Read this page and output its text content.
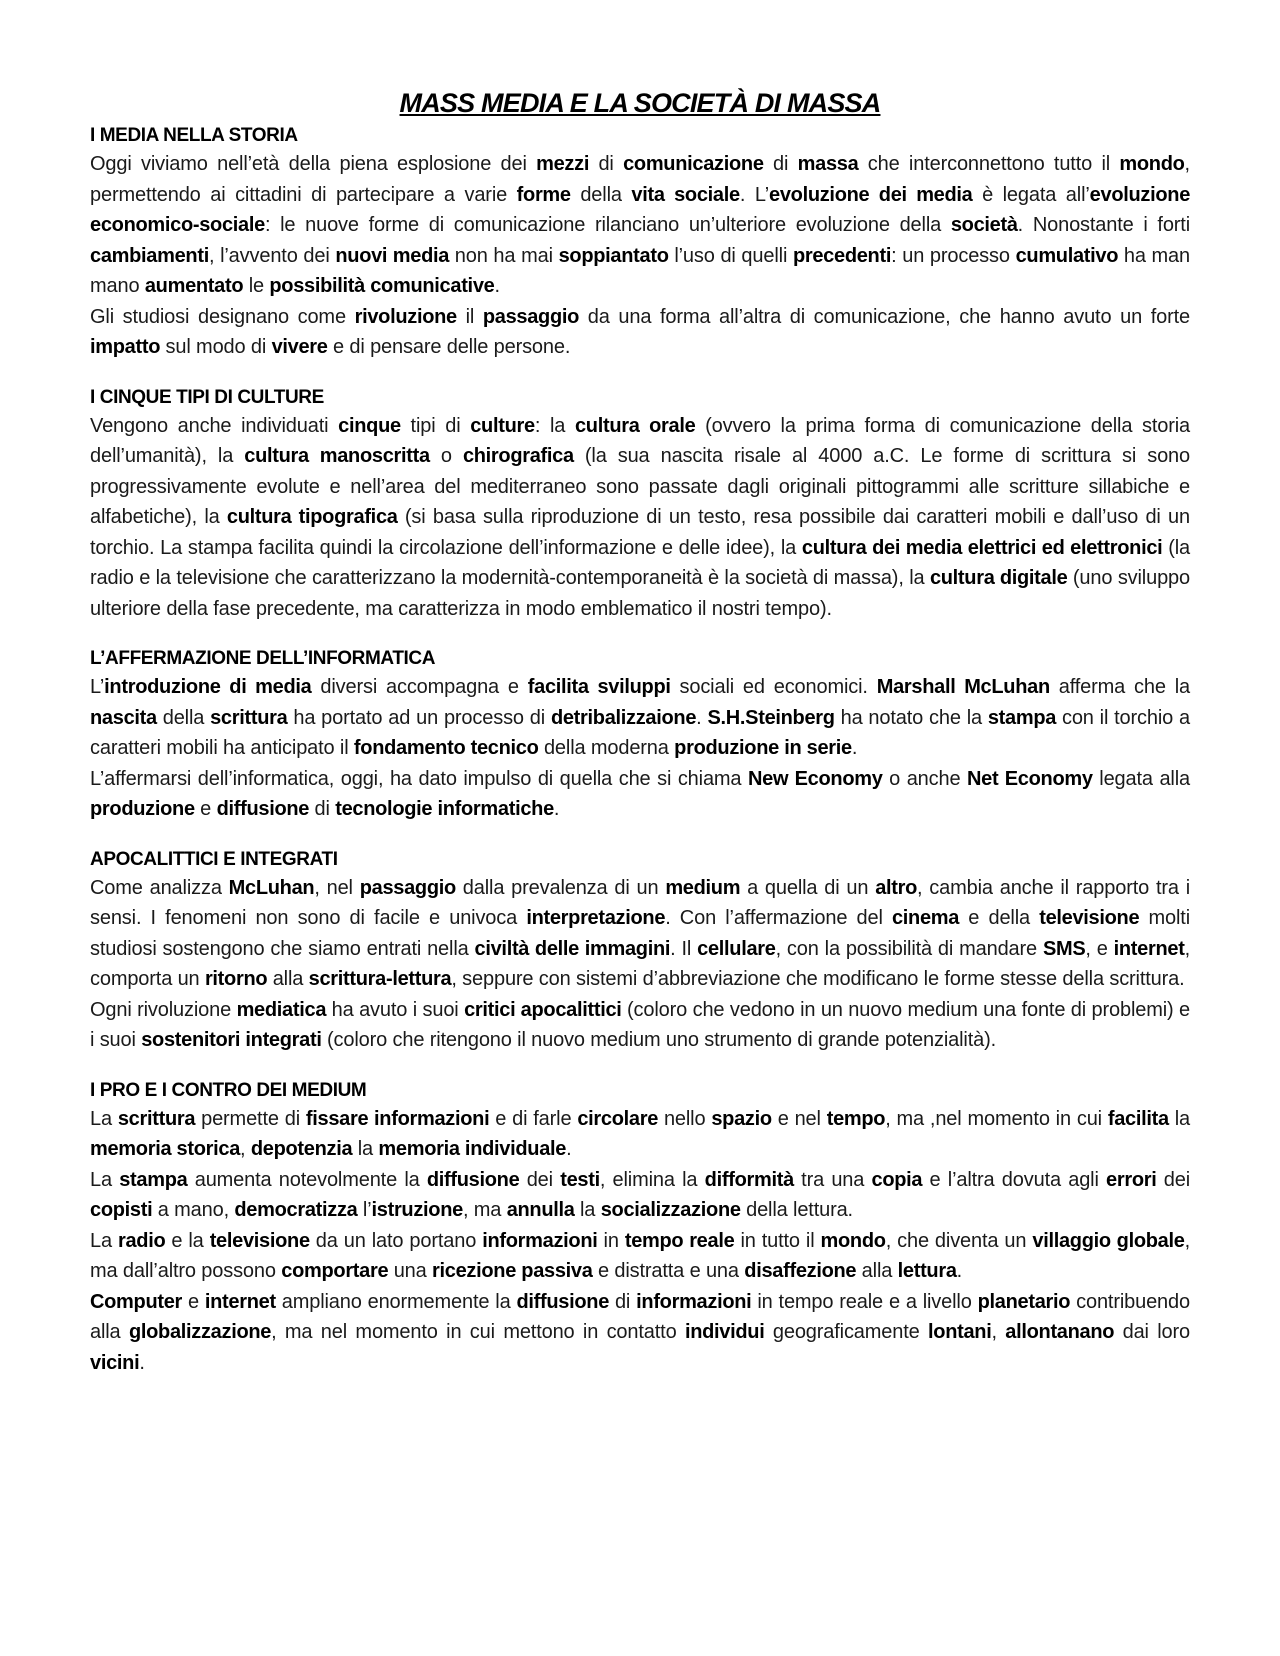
MASS MEDIA E LA SOCIETÀ DI MASSA
I MEDIA NELLA STORIA

Oggi viviamo nell’età della piena esplosione dei mezzi di comunicazione di massa che interconnettono tutto il mondo, permettendo ai cittadini di partecipare a varie forme della vita sociale. L’evoluzione dei media è legata all’evoluzione economico-sociale: le nuove forme di comunicazione rilanciano un’ulteriore evoluzione della società. Nonostante i forti cambiamenti, l’avvento dei nuovi media non ha mai soppiantato l’uso di quelli precedenti: un processo cumulativo ha man mano aumentato le possibilità comunicative.

Gli studiosi designano come rivoluzione il passaggio da una forma all’altra di comunicazione, che hanno avuto un forte impatto sul modo di vivere e di pensare delle persone.

I CINQUE TIPI DI CULTURE

Vengono anche individuati cinque tipi di culture: la cultura orale (ovvero la prima forma di comunicazione della storia dell’umanità), la cultura manoscritta o chirografica (la sua nascita risale al 4000 a.C. Le forme di scrittura si sono progressivamente evolute e nell’area del mediterraneo sono passate dagli originali pittogrammi alle scritture sillabiche e alfabetiche), la cultura tipografica (si basa sulla riproduzione di un testo, resa possibile dai caratteri mobili e dall’uso di un torchio. La stampa facilita quindi la circolazione dell’informazione e delle idee), la cultura dei media elettrici ed elettronici (la radio e la televisione che caratterizzano la modernità-contemporaneità è la società di massa), la cultura digitale (uno sviluppo ulteriore della fase precedente, ma caratterizza in modo emblematico il nostri tempo).

L’AFFERMAZIONE DELL’INFORMATICA

L’introduzione di media diversi accompagna e facilita sviluppi sociali ed economici. Marshall McLuhan afferma che la nascita della scrittura ha portato ad un processo di detribalizzaione. S.H.Steinberg ha notato che la stampa con il torchio a caratteri mobili ha anticipato il fondamento tecnico della moderna produzione in serie.

L’affermarsi dell’informatica, oggi, ha dato impulso di quella che si chiama New Economy o anche Net Economy legata alla produzione e diffusione di tecnologie informatiche.

APOCALITTICI E INTEGRATI

Come analizza McLuhan, nel passaggio dalla prevalenza di un medium a quella di un altro, cambia anche il rapporto tra i sensi. I fenomeni non sono di facile e univoca interpretazione. Con l’affermazione del cinema e della televisione molti studiosi sostengono che siamo entrati nella civiltà delle immagini. Il cellulare, con la possibilità di mandare SMS, e internet, comporta un ritorno alla scrittura-lettura, seppure con sistemi d’abbreviazione che modificano le forme stesse della scrittura.

Ogni rivoluzione mediatica ha avuto i suoi critici apocalittici (coloro che vedono in un nuovo medium una fonte di problemi) e i suoi sostenitori integrati (coloro che ritengono il nuovo medium uno strumento di grande potenzialità).

I PRO E I CONTRO DEI MEDIUM

La scrittura permette di fissare informazioni e di farle circolare nello spazio e nel tempo, ma ,nel momento in cui facilita la memoria storica, depotenzia la memoria individuale.

La stampa aumenta notevolmente la diffusione dei testi, elimina la difformità tra una copia e l’altra dovuta agli errori dei copisti a mano, democratizza l’istruzione, ma annulla la socializzazione della lettura.

La radio e la televisione da un lato portano informazioni in tempo reale in tutto il mondo, che diventa un villaggio globale, ma dall’altro possono comportare una ricezione passiva e distratta e una disaffezione alla lettura.

Computer e internet ampliano enormemente la diffusione di informazioni in tempo reale e a livello planetario contribuendo alla globalizzazione, ma nel momento in cui mettono in contatto individui geograficamente lontani, allontanano dai loro vicini.
